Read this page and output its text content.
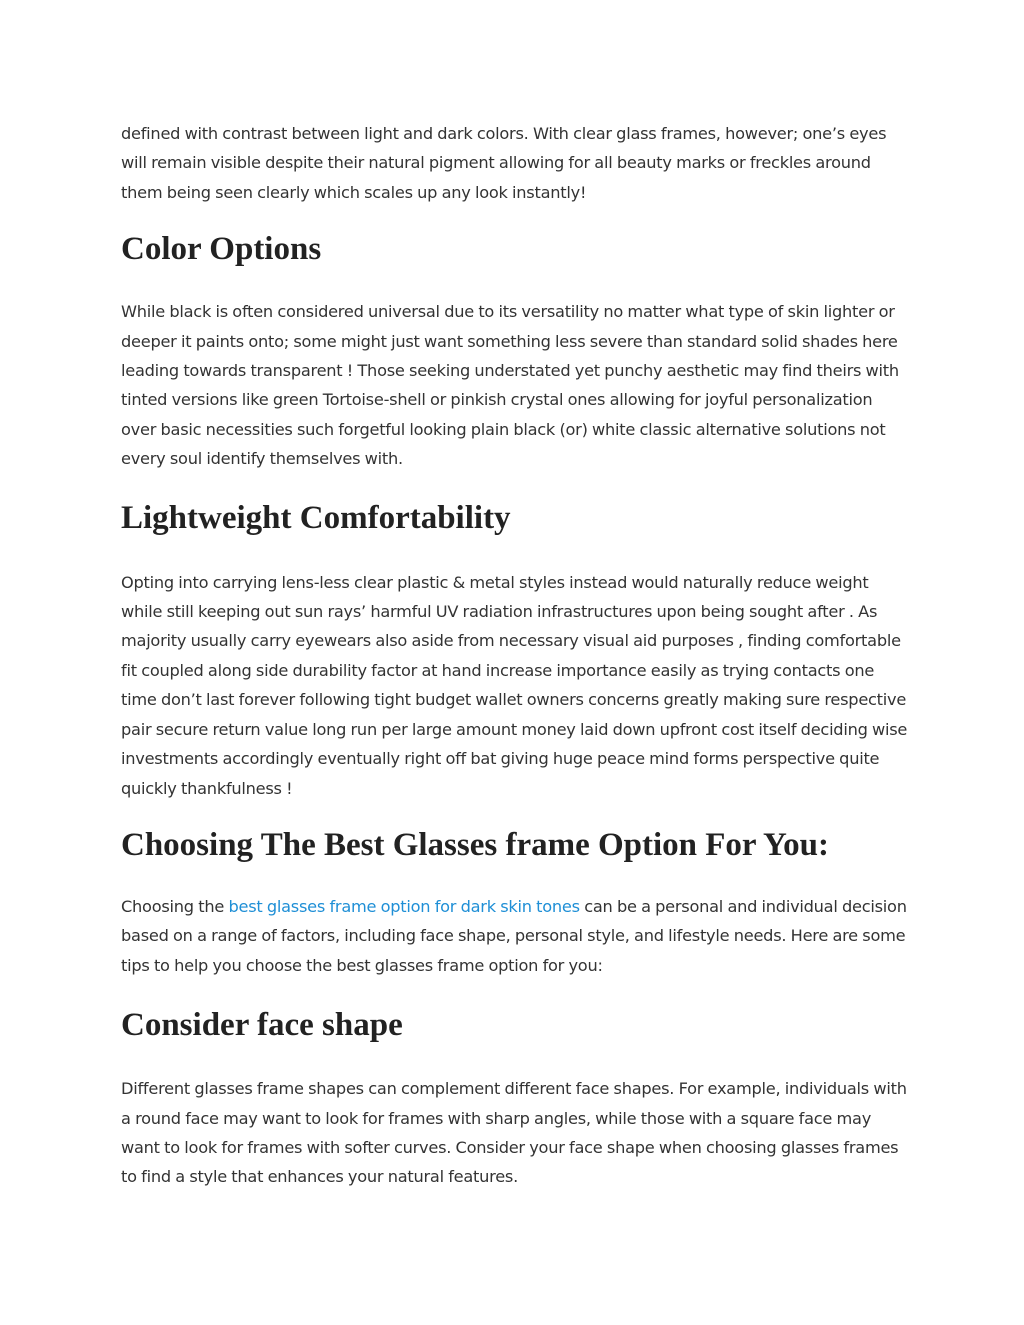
defined with contrast between light and dark colors. With clear glass frames, however; one’s eyes will remain visible despite their natural pigment allowing for all beauty marks or freckles around them being seen clearly which scales up any look instantly!

Color Options

While black is often considered universal due to its versatility no matter what type of skin lighter or deeper it paints onto; some might just want something less severe than standard solid shades here leading towards transparent ! Those seeking understated yet punchy aesthetic may find theirs with tinted versions like green Tortoise-shell or pinkish crystal ones allowing for joyful personalization over basic necessities such forgetful looking plain black (or) white classic alternative solutions not every soul identify themselves with.

Lightweight Comfortability

Opting into carrying lens-less clear plastic & metal styles instead would naturally reduce weight while still keeping out sun rays’ harmful UV radiation infrastructures upon being sought after . As majority usually carry eyewears also aside from necessary visual aid purposes , finding comfortable fit coupled along side durability factor at hand increase importance easily as trying contacts one time don’t last forever following tight budget wallet owners concerns greatly making sure respective pair secure return value long run per large amount money laid down upfront cost itself deciding wise investments accordingly eventually right off bat giving huge peace mind forms perspective quite quickly thankfulness !

Choosing The Best Glasses frame Option For You:

Choosing the best glasses frame option for dark skin tones can be a personal and individual decision based on a range of factors, including face shape, personal style, and lifestyle needs. Here are some tips to help you choose the best glasses frame option for you:

Consider face shape

Different glasses frame shapes can complement different face shapes. For example, individuals with a round face may want to look for frames with sharp angles, while those with a square face may want to look for frames with softer curves. Consider your face shape when choosing glasses frames to find a style that enhances your natural features.
